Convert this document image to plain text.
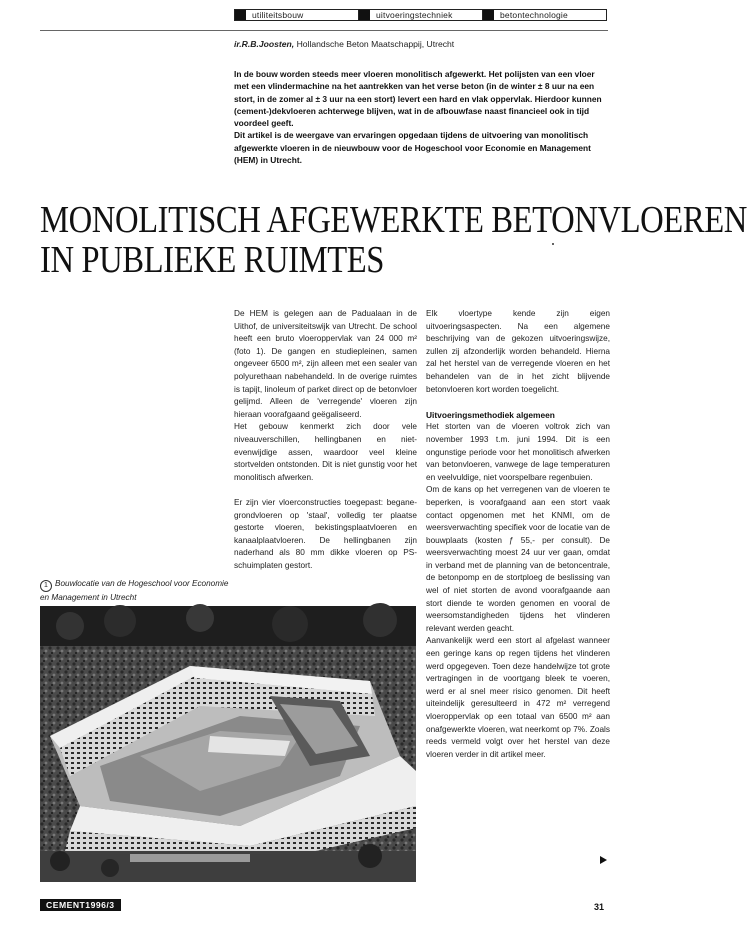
utiliteitsbouw	uitvoeringstechniek	betontechnologie
ir.R.B.Joosten, Hollandsche Beton Maatschappij, Utrecht

In de bouw worden steeds meer vloeren monolitisch afgewerkt. Het polijsten van een vloer met een vlindermachine na het aantrekken van het verse beton (in de winter ± 8 uur na een stort, in de zomer al ± 3 uur na een stort) levert een hard en vlak oppervlak. Hierdoor kunnen (cement-)dekvloeren achterwege blijven, wat in de afbouwfase naast financieel ook in tijd voordeel geeft.

Dit artikel is de weergave van ervaringen opgedaan tijdens de uitvoering van monolitisch afgewerkte vloeren in de nieuwbouw voor de Hogeschool voor Economie en Management (HEM) in Utrecht.

MONOLITISCH AFGEWERKTE BETONVLOEREN
IN PUBLIEKE RUIMTES

De HEM is gelegen aan de Padualaan in de Uithof, de universiteitswijk van Utrecht. De school heeft een bruto vloeroppervlak van 24 000 m² (foto 1). De gangen en studiepleinen, samen ongeveer 6500 m², zijn alleen met een sealer van polyurethaan nabehandeld. In de overige ruimtes is tapijt, linoleum of parket direct op de betonvloer gelijmd. Alleen de 'verregende' vloeren zijn hieraan voorafgaand geëgaliseerd.

Het gebouw kenmerkt zich door vele niveauverschillen, hellingbanen en niet-evenwijdige assen, waardoor veel kleine stortvelden ontstonden. Dit is niet gunstig voor het monolitisch afwerken.

Er zijn vier vloerconstructies toegepast: begane-grondvloeren op 'staal', volledig ter plaatse gestorte vloeren, bekistingsplaatvloeren en kanaalplaatvloeren. De hellingbanen zijn naderhand als 80 mm dikke vloeren op PS-schuimplaten gestort.

Elk vloertype kende zijn eigen uitvoeringsaspecten. Na een algemene beschrijving van de gekozen uitvoeringswijze, zullen zij afzonderlijk worden behandeld. Hierna zal het herstel van de verregende vloeren en het behandelen van de in het zicht blijvende betonvloeren kort worden toegelicht.

Uitvoeringsmethodiek algemeen

Het storten van de vloeren voltrok zich van november 1993 t.m. juni 1994. Dit is een ongunstige periode voor het monolitisch afwerken van betonvloeren, vanwege de lage temperaturen en veelvuldige, niet voorspelbare regenbuien.

Om de kans op het verregenen van de vloeren te beperken, is voorafgaand aan een stort vaak contact opgenomen met het KNMI, om de weersverwachting specifiek voor de locatie van de bouwplaats (kosten ƒ 55,- per consult). De weersverwachting moest 24 uur ver gaan, omdat in verband met de planning van de betoncentrale, de betonpomp en de stortploeg de beslissing van wel of niet storten de avond voorafgaande aan stort diende te worden genomen en vooral de weersomstandigheden tijdens het vlinderen relevant werden geacht.

Aanvankelijk werd een stort al afgelast wanneer een geringe kans op regen tijdens het vlinderen werd opgegeven. Toen deze handelwijze tot grote vertragingen in de voortgang bleek te voeren, werd er al snel meer risico genomen. Dit heeft uiteindelijk geresulteerd in 472 m² verregend vloeroppervlak op een totaal van 6500 m² aan onafgewerkte vloeren, wat neerkomt op 7%. Zoals reeds vermeld volgt over het herstel van deze vloeren verder in dit artikel meer.

1 Bouwlocatie van de Hogeschool voor Economie en Management in Utrecht

CEMENT1996/3	31
